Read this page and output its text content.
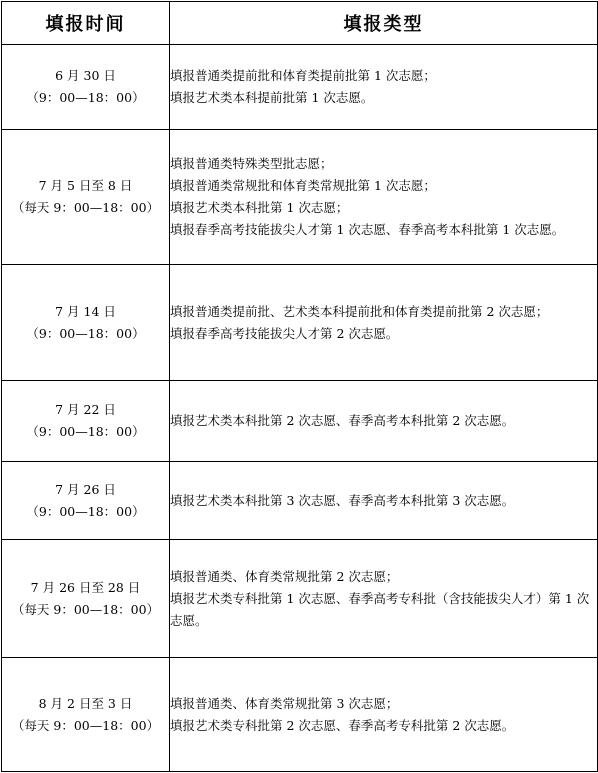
填报时间	填报类型

6 月 30 日
（9：00—18：00）	填报普通类提前批和体育类提前批第 1 次志愿；
填报艺术类本科提前批第 1 次志愿。

7 月 5 日至 8 日
（每天 9：00—18：00）	填报普通类特殊类型批志愿；
填报普通类常规批和体育类常规批第 1 次志愿；
填报艺术类本科批第 1 次志愿；
填报春季高考技能拔尖人才第 1 次志愿、春季高考本科批第 1 次志愿。

7 月 14 日
（9：00—18：00）	填报普通类提前批、艺术类本科提前批和体育类提前批第 2 次志愿；
填报春季高考技能拔尖人才第 2 次志愿。

7 月 22 日
（9：00—18：00）	填报艺术类本科批第 2 次志愿、春季高考本科批第 2 次志愿。

7 月 26 日
（9：00—18：00）	填报艺术类本科批第 3 次志愿、春季高考本科批第 3 次志愿。

7 月 26 日至 28 日
（每天 9：00—18：00）	填报普通类、体育类常规批第 2 次志愿；
填报艺术类专科批第 1 次志愿、春季高考专科批（含技能拔尖人才）第 1 次志愿。

8 月 2 日至 3 日
（每天 9：00—18：00）	填报普通类、体育类常规批第 3 次志愿；
填报艺术类专科批第 2 次志愿、春季高考专科批第 2 次志愿。
